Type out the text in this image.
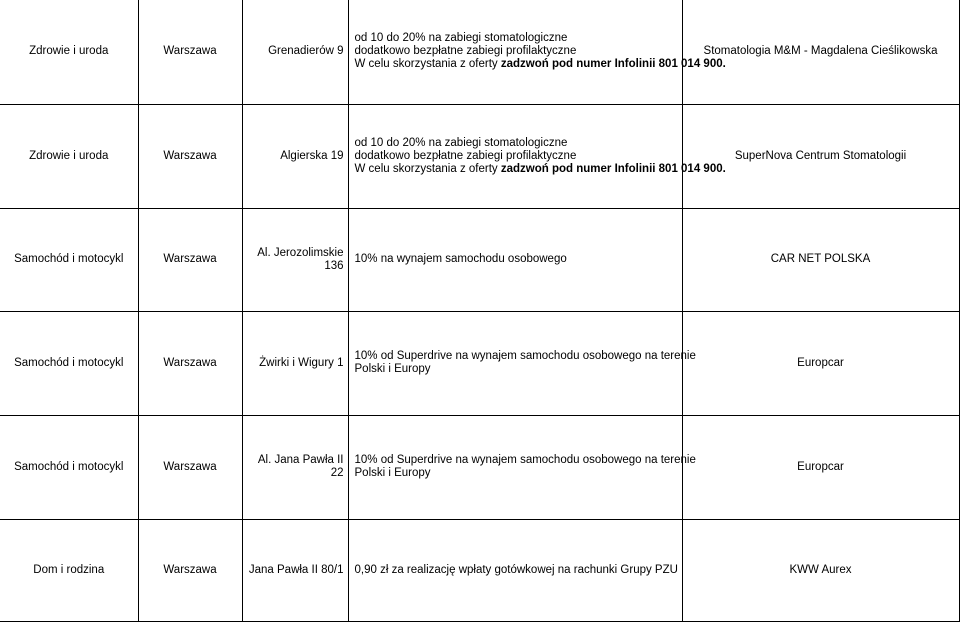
Zdrowie i uroda	Warszawa	Grenadierów 9	od 10 do 20% na zabiegi stomatologiczne
dodatkowo bezpłatne zabiegi profilaktyczne
W celu skorzystania z oferty zadzwoń pod numer Infolinii 801 014 900.	Stomatologia M&M - Magdalena Cieślikowska
Zdrowie i uroda	Warszawa	Algierska 19	od 10 do 20% na zabiegi stomatologiczne
dodatkowo bezpłatne zabiegi profilaktyczne
W celu skorzystania z oferty zadzwoń pod numer Infolinii 801 014 900.	SuperNova Centrum Stomatologii
Samochód i motocykl	Warszawa	Al. Jerozolimskie 136	10% na wynajem samochodu osobowego	CAR NET POLSKA
Samochód i motocykl	Warszawa	Żwirki i Wigury 1	10% od Superdrive na wynajem samochodu osobowego na terenie
Polski i Europy	Europcar
Samochód i motocykl	Warszawa	Al. Jana Pawła II 22	10% od Superdrive na wynajem samochodu osobowego na terenie
Polski i Europy	Europcar
Dom i rodzina	Warszawa	Jana Pawła II 80/1	0,90 zł za realizację wpłaty gotówkowej na rachunki Grupy PZU	KWW Aurex
